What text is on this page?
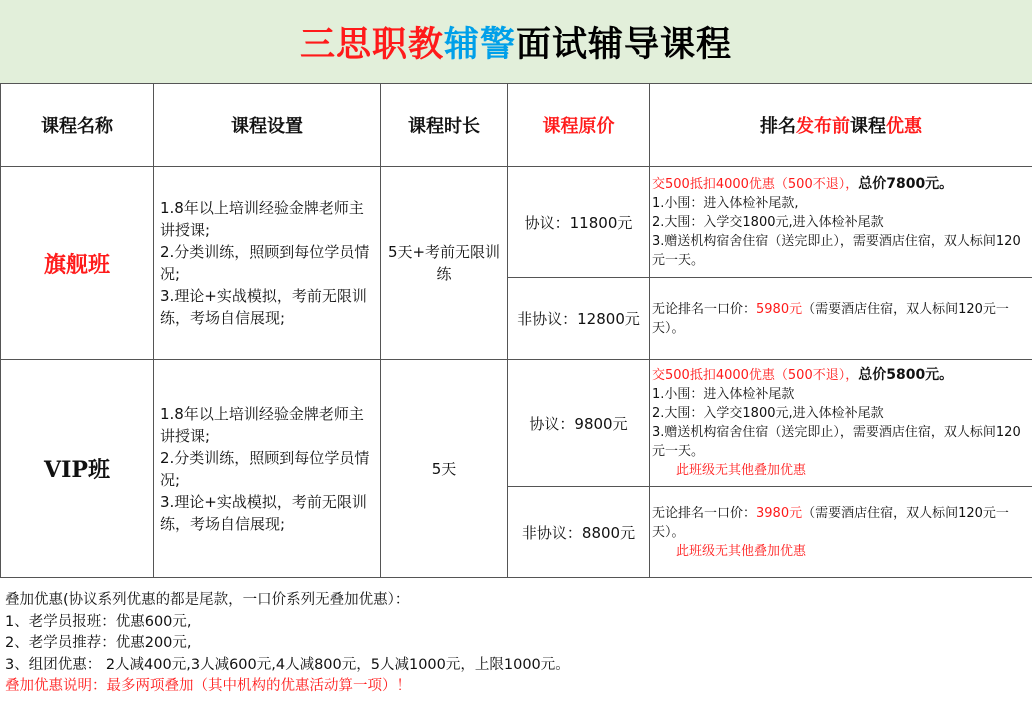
三思职教 辅警 面试辅导课程
课程名称	课程设置	课程时长	课程原价	排名发布前课程优惠
旗舰班	1.8年以上培训经验金牌老师主讲授课;
2.分类训练，照顾到每位学员情况;
3.理论+实战模拟，考前无限训练，考场自信展现;	5天+考前无限训练	协议：11800元	交500抵扣4000优惠（500不退），总价7800元。
1.小围：进入体检补尾款,
2.大围：入学交1800元,进入体检补尾款
3.赠送机构宿舍住宿（送完即止），需要酒店住宿，双人标间120元一天。

			非协议：12800元	无论排名一口价：5980元（需要酒店住宿，双人标间120元一天）。

VIP班	1.8年以上培训经验金牌老师主讲授课;
2.分类训练，照顾到每位学员情况;
3.理论+实战模拟，考前无限训练，考场自信展现;	5天	协议：9800元	交500抵扣4000优惠（500不退），总价5800元。
1.小围：进入体检补尾款
2.大围：入学交1800元,进入体检补尾款
3.赠送机构宿舍住宿（送完即止），需要酒店住宿，双人标间120元一天。
此班级无其他叠加优惠

			非协议：8800元	无论排名一口价：3980元（需要酒店住宿，双人标间120元一天）。
此班级无其他叠加优惠
叠加优惠(协议系列优惠的都是尾款，一口价系列无叠加优惠）：
1、老学员报班：优惠600元,
2、老学员推荐：优惠200元,
3、组团优惠： 2人减400元,3人减600元,4人减800元，5人减1000元，上限1000元。
叠加优惠说明：最多两项叠加（其中机构的优惠活动算一项）！
